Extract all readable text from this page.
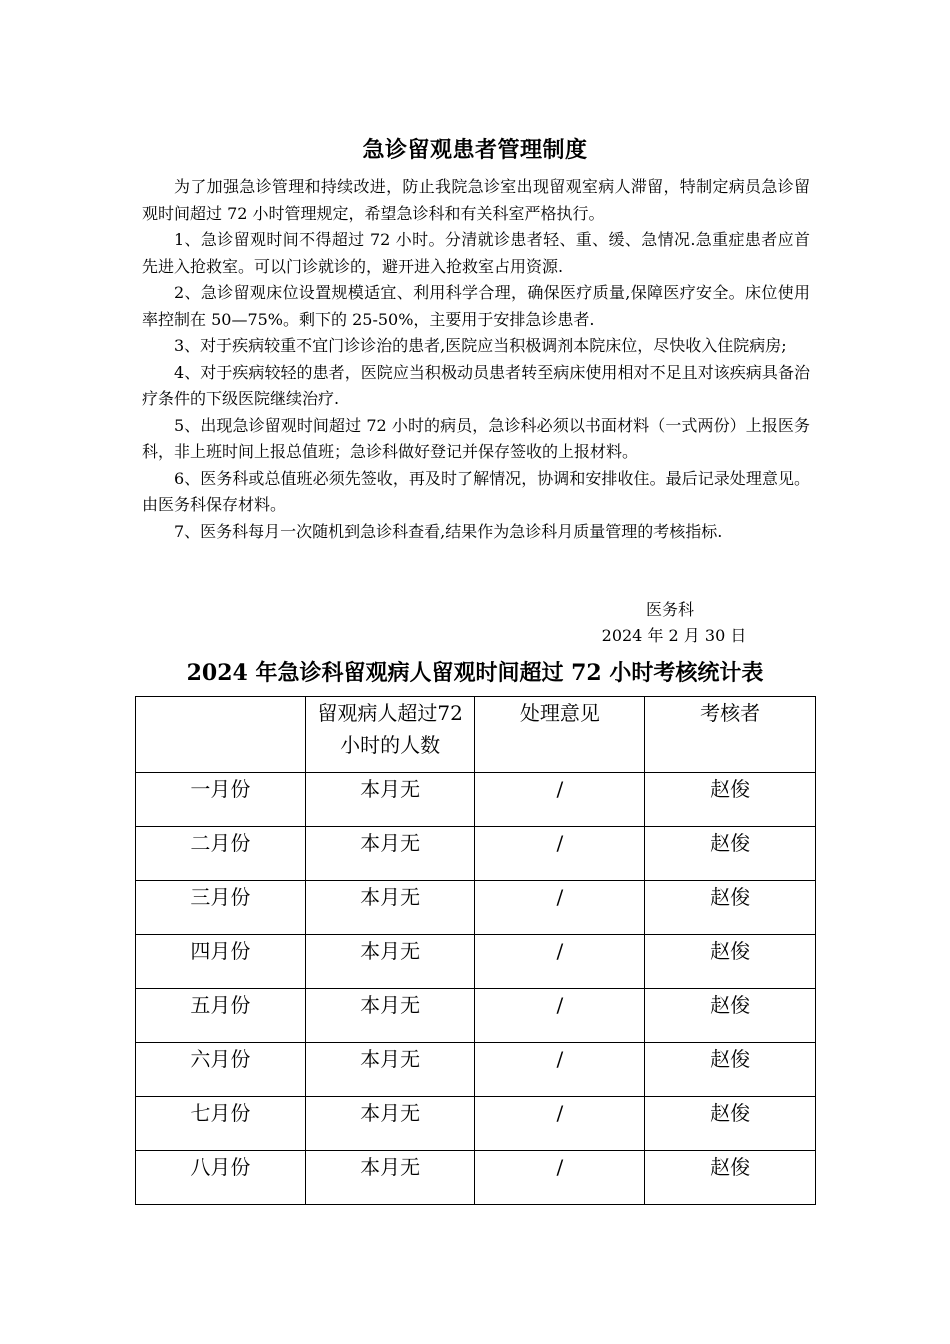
急诊留观患者管理制度

为了加强急诊管理和持续改进，防止我院急诊室出现留观室病人滞留，特制定病员急诊留观时间超过 72 小时管理规定，希望急诊科和有关科室严格执行。

1、急诊留观时间不得超过 72 小时。分清就诊患者轻、重、缓、急情况.急重症患者应首先进入抢救室。可以门诊就诊的，避开进入抢救室占用资源.

2、急诊留观床位设置规模适宜、利用科学合理，确保医疗质量,保障医疗安全。床位使用率控制在 50—75%。剩下的 25-50%，主要用于安排急诊患者.

3、对于疾病较重不宜门诊诊治的患者,医院应当积极调剂本院床位，尽快收入住院病房;

4、对于疾病较轻的患者，医院应当积极动员患者转至病床使用相对不足且对该疾病具备治疗条件的下级医院继续治疗.

5、出现急诊留观时间超过 72 小时的病员，急诊科必须以书面材料（一式两份）上报医务科，非上班时间上报总值班；急诊科做好登记并保存签收的上报材料。

6、医务科或总值班必须先签收，再及时了解情况，协调和安排收住。最后记录处理意见。由医务科保存材料。

7、医务科每月一次随机到急诊科查看,结果作为急诊科月质量管理的考核指标.

医务科
2024 年 2 月 30 日
2024 年急诊科留观病人留观时间超过 72 小时考核统计表
	留观病人超过72 小时的人数	处理意见	考核者
一月份	本月无	/	赵俊
二月份	本月无	/	赵俊
三月份	本月无	/	赵俊
四月份	本月无	/	赵俊
五月份	本月无	/	赵俊
六月份	本月无	/	赵俊
七月份	本月无	/	赵俊
八月份	本月无	/	赵俊
